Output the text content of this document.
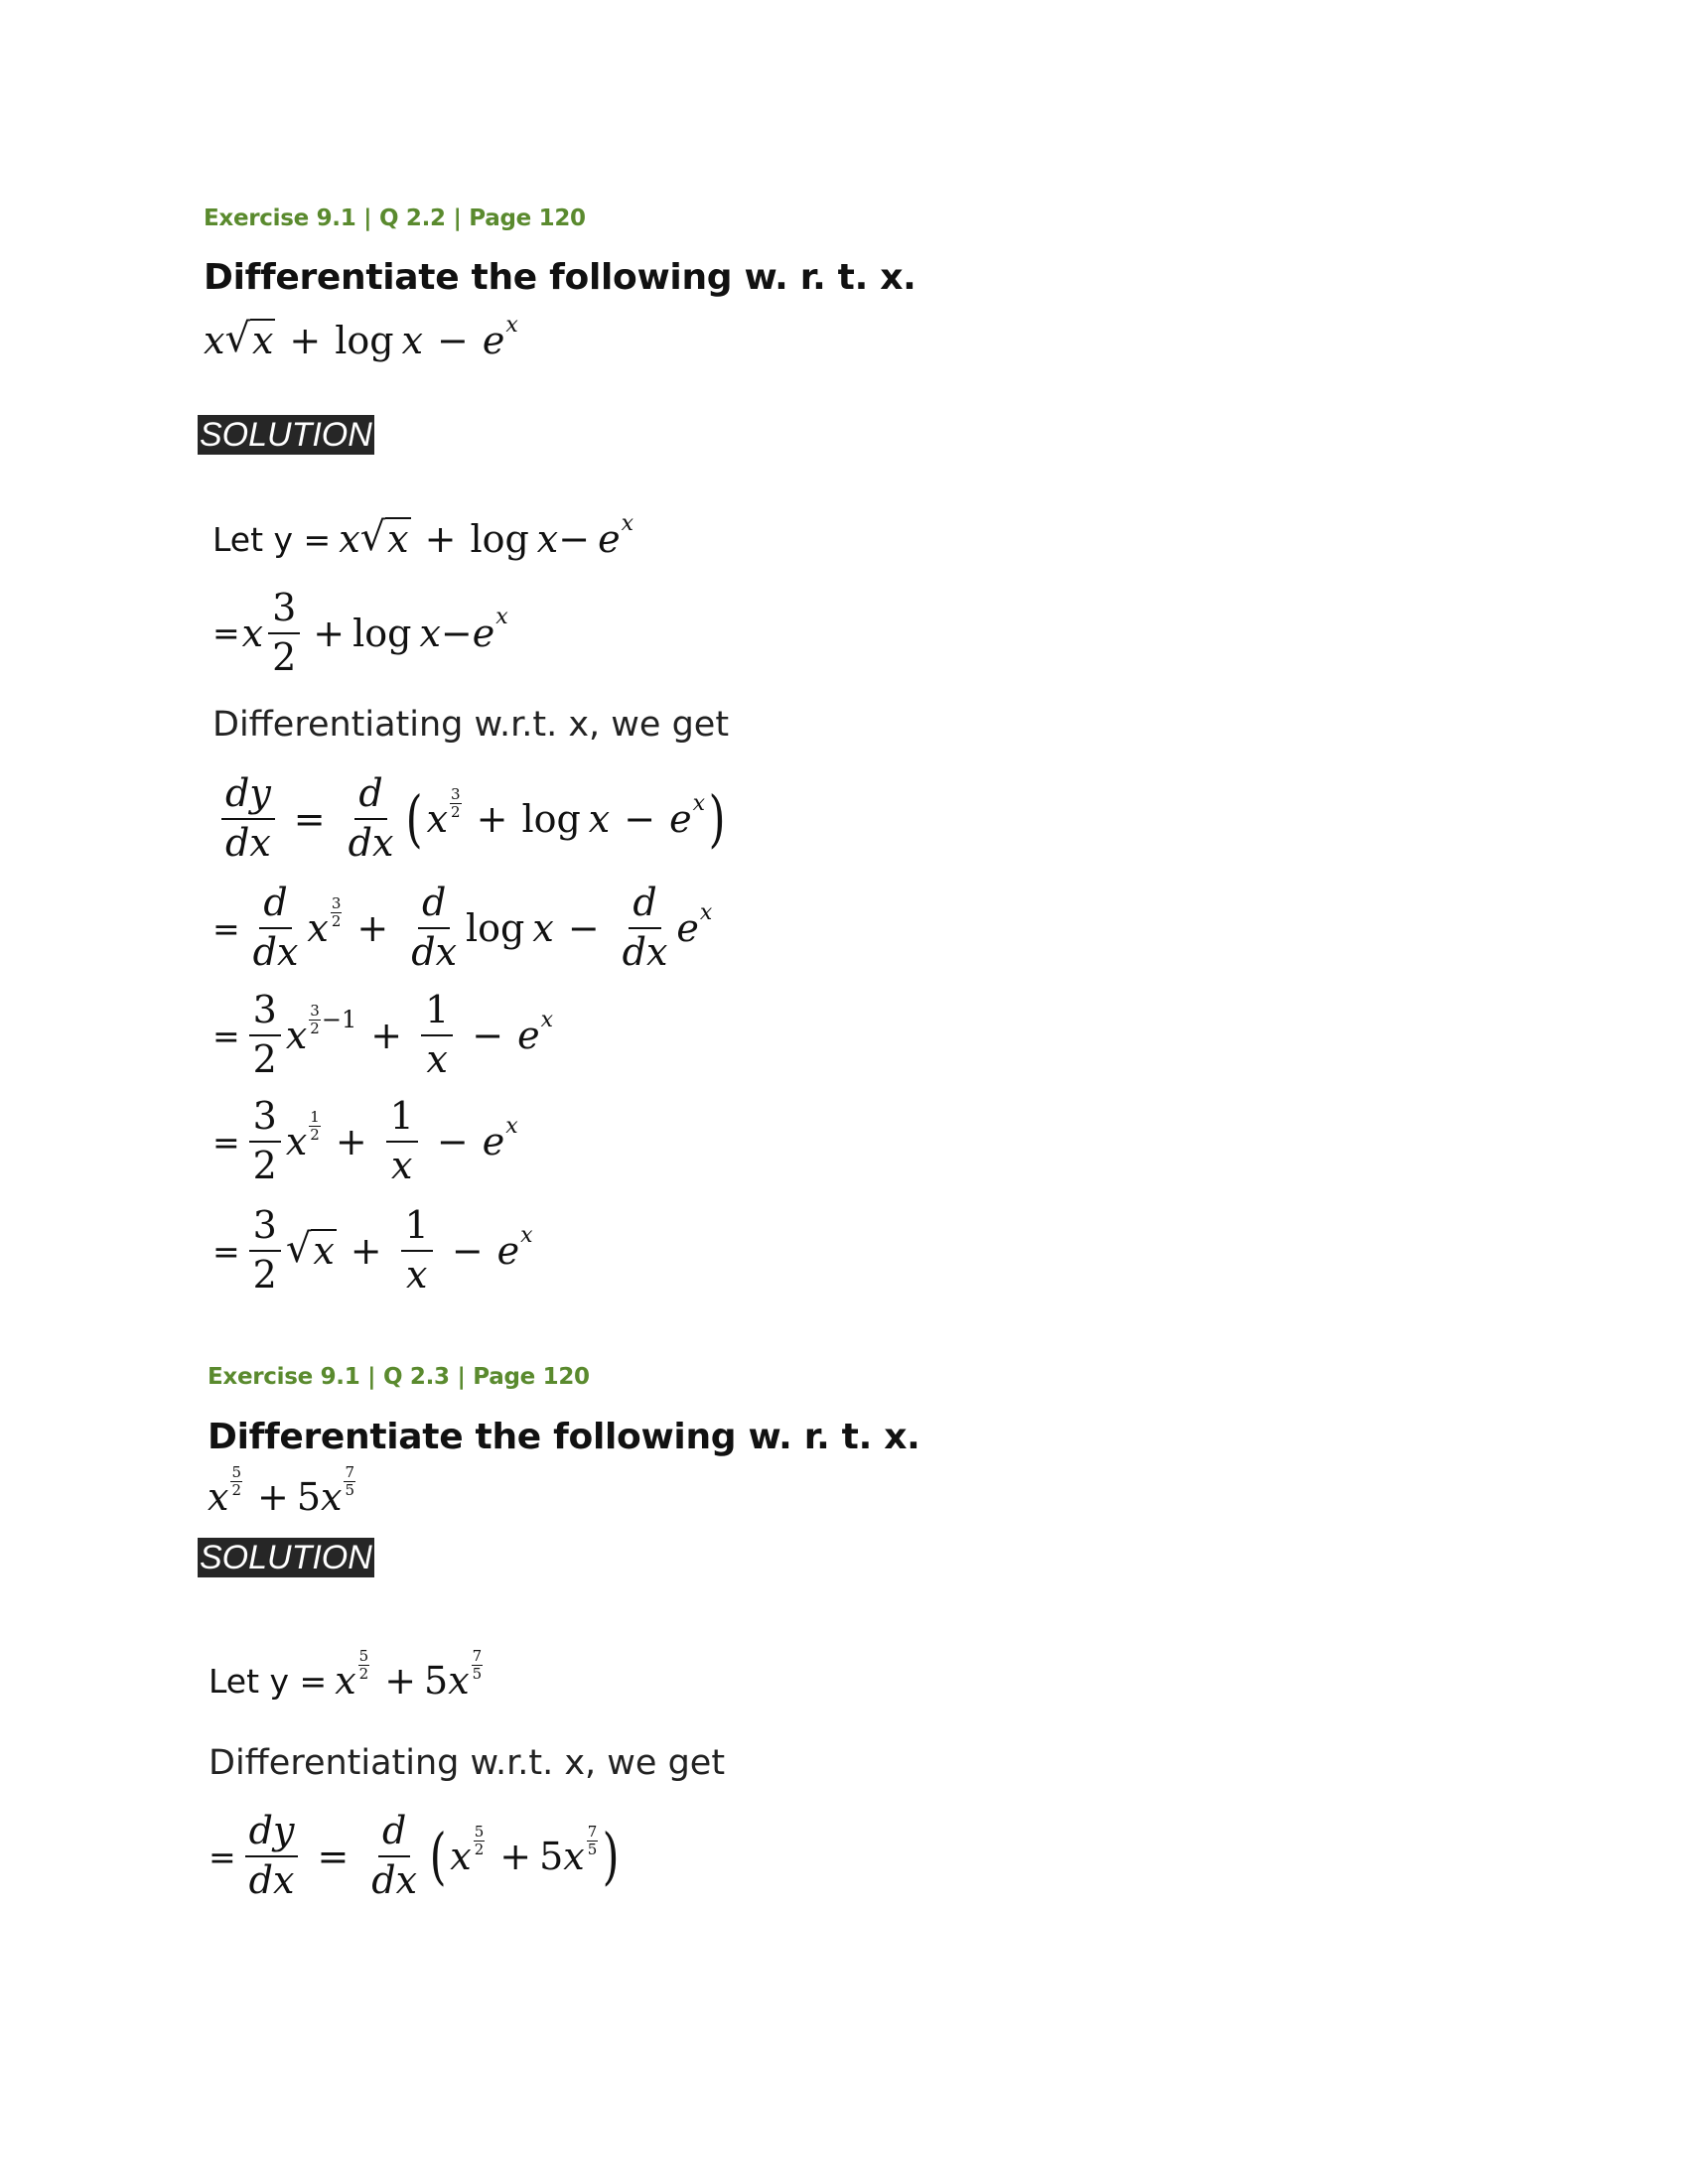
Exercise 9.1 | Q 2.2 | Page 120
Differentiate the following w. r. t. x.
x √ x + log x − e x
SOLUTION
Let y = x √ x + log x − e x
= x $\frac{3}{2} + \log x - e$ x
Differentiating w.r.t. x, we get
$\frac{dy}{dx} = \frac{d}{dx}$ ( x
3
2 + log x − e x )
= $\frac{d}{dx}$ x
3
$2 + \frac{d}{dx}$ $\log x - \frac{d}{dx}$ e x
= $\frac{3}{2}$ x
3
$2 -1 + \frac{1}{x} - e$ x
= $\frac{3}{2}$ x
1
$2 + \frac{1}{x} - e$ x
= $\frac{3}{2}$ √ $x + \frac{1}{x} - e$ x
Exercise 9.1 | Q 2.3 | Page 120
Differentiate the following w. r. t. x.
x
5
2 + 5 x
7
5
SOLUTION
Let y = x
5
2 + 5 x
7
5
Differentiating w.r.t. x, we get
= $\frac{dy}{dx} = \frac{d}{dx}$ ( x
5
2 + 5 x
7
5 )
